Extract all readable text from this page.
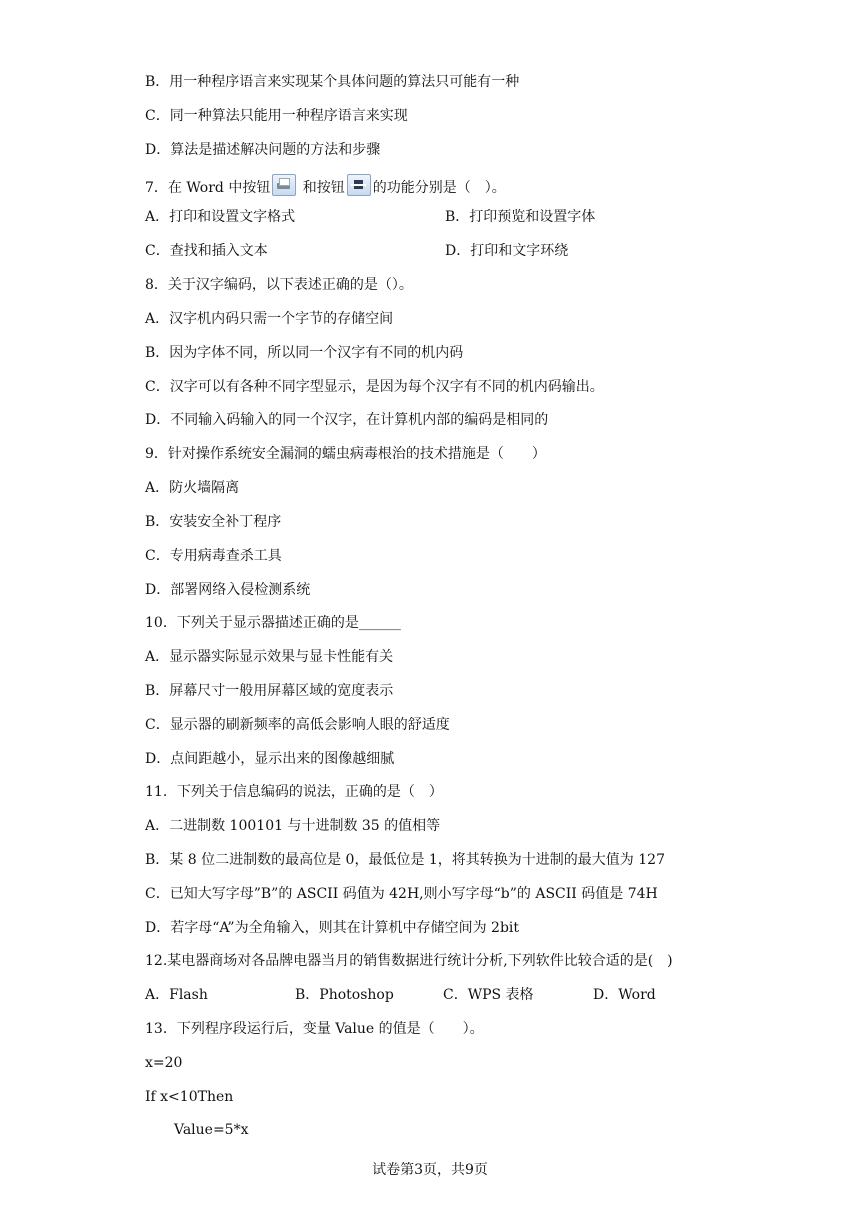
B．用一种程序语言来实现某个具体问题的算法只可能有一种
C．同一种算法只能用一种程序语言来实现
D．算法是描述解决问题的方法和步骤
7．在 Word 中按钮 和按钮 的功能分别是（　）。
A．打印和设置文字格式	B．打印预览和设置字体
C．查找和插入文本	D．打印和文字环绕
8．关于汉字编码，以下表述正确的是（）。
A．汉字机内码只需一个字节的存储空间
B．因为字体不同，所以同一个汉字有不同的机内码
C．汉字可以有各种不同字型显示，是因为每个汉字有不同的机内码输出。
D．不同输入码输入的同一个汉字，在计算机内部的编码是相同的
9．针对操作系统安全漏洞的蠕虫病毒根治的技术措施是（　　）
A．防火墙隔离
B．安装安全补丁程序
C．专用病毒查杀工具
D．部署网络入侵检测系统
10．下列关于显示器描述正确的是______
A．显示器实际显示效果与显卡性能有关
B．屏幕尺寸一般用屏幕区域的宽度表示
C．显示器的刷新频率的高低会影响人眼的舒适度
D．点间距越小，显示出来的图像越细腻
11．下列关于信息编码的说法，正确的是（　）
A．二进制数 100101 与十进制数 35 的值相等
B．某 8 位二进制数的最高位是 0，最低位是 1，将其转换为十进制的最大值为 127
C．已知大写字母”B”的 ASCII 码值为 42H,则小写字母“b”的 ASCII 码值是 74H
D．若字母“A”为全角输入，则其在计算机中存储空间为 2bit
12.某电器商场对各品牌电器当月的销售数据进行统计分析,下列软件比较合适的是(　)
A．Flash	B．Photoshop	C．WPS 表格	D．Word
13．下列程序段运行后，变量 Value 的值是（　　）。
x=20
If x<10Then
Value=5*x
试卷第3页，共9页
